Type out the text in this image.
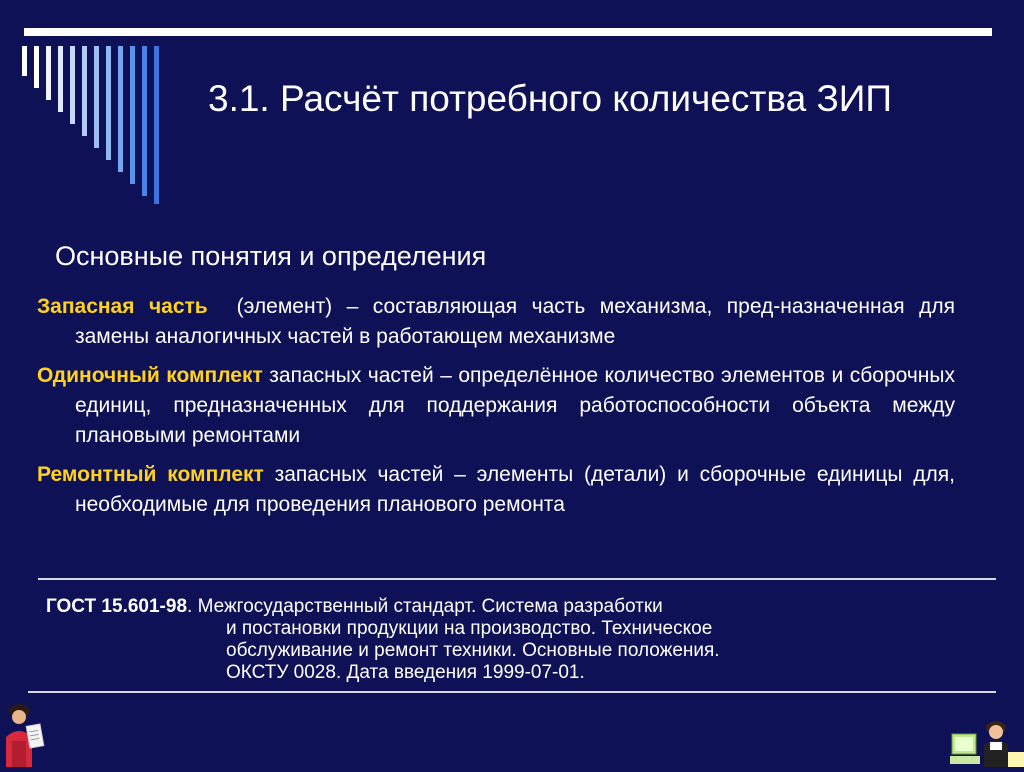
3.1. Расчёт потребного количества ЗИП
Основные понятия и определения
Запасная часть (элемент) – составляющая часть механизма, пред-назначенная для замены аналогичных частей в работающем механизме
Одиночный комплект запасных частей – определённое количество элементов и сборочных единиц, предназначенных для поддержания работоспособности объекта между плановыми ремонтами
Ремонтный комплект запасных частей – элементы (детали) и сборочные единицы для, необходимые для проведения планового ремонта
ГОСТ 15.601-98. Межгосударственный стандарт. Система разработки
и постановки продукции на производство. Техническое
обслуживание и ремонт техники. Основные положения.
ОКСТУ 0028. Дата введения 1999-07-01.
